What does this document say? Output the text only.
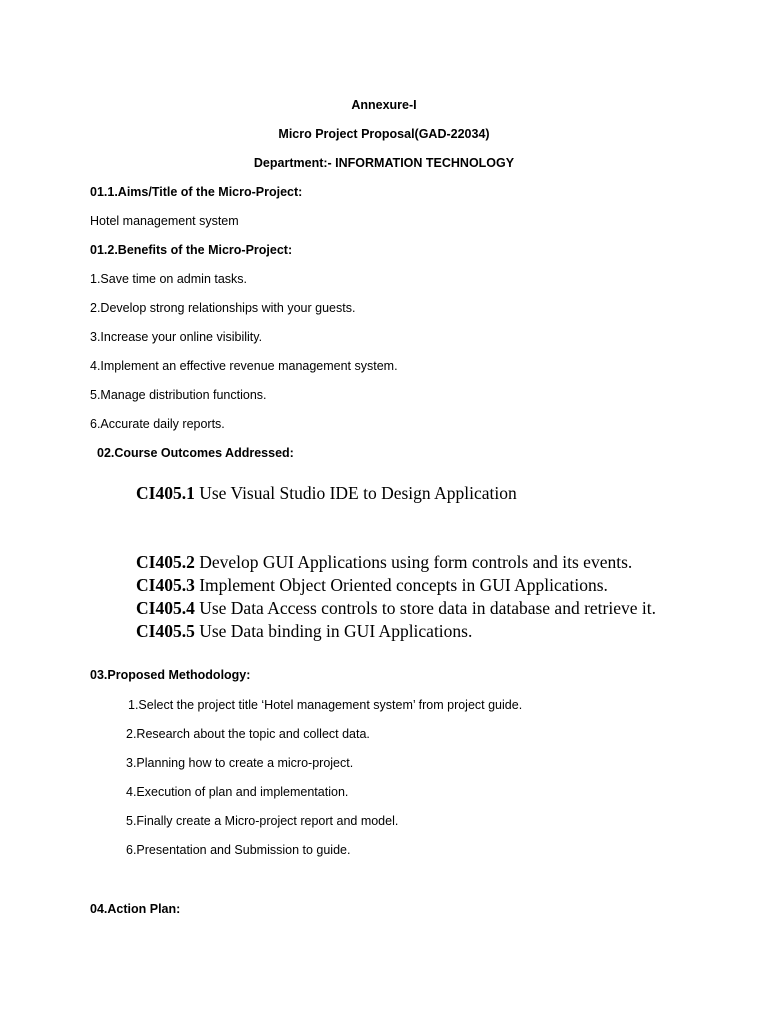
Annexure-I
Micro Project Proposal(GAD-22034)
Department:- INFORMATION TECHNOLOGY
01.1.Aims/Title of the Micro-Project:
Hotel management system
01.2.Benefits of the Micro-Project:
1.Save time on admin tasks.
2.Develop strong relationships with your guests.
3.Increase your online visibility.
4.Implement an effective revenue management system.
5.Manage distribution functions.
6.Accurate daily reports.
02.Course Outcomes Addressed:
CI405.1 Use Visual Studio IDE to Design Application
CI405.2 Develop GUI Applications using form controls and its events.
CI405.3 Implement Object Oriented concepts in GUI Applications.
CI405.4 Use Data Access controls to store data in database and retrieve it.
CI405.5 Use Data binding in GUI Applications.
03.Proposed Methodology:
1.Select the project title ‘Hotel management system’ from project guide.
2.Research about the topic and collect data.
3.Planning how to create a micro-project.
4.Execution of plan and implementation.
5.Finally create a Micro-project report and model.
6.Presentation and Submission to guide.
04.Action Plan:
